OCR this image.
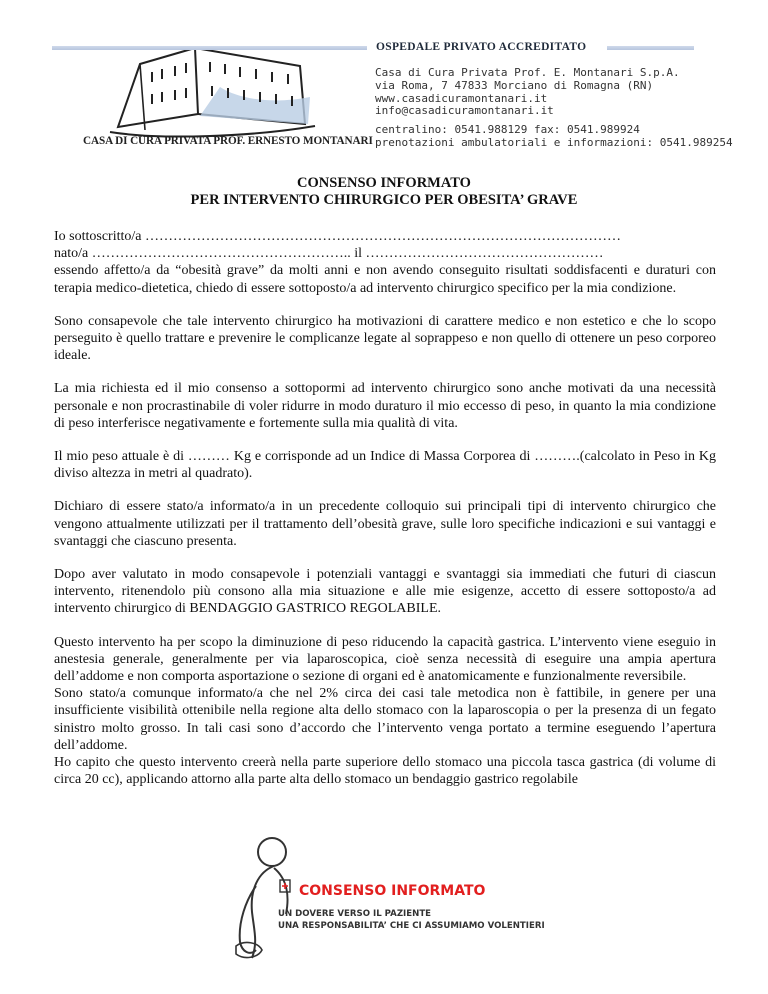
CASA DI CURA PRIVATA PROF. ERNESTO MONTANARI
OSPEDALE PRIVATO ACCREDITATO
Casa di Cura Privata Prof. E. Montanari S.p.A.
via Roma, 7 47833 Morciano di Romagna (RN)
www.casadicuramontanari.it
info@casadicuramontanari.it
centralino: 0541.988129 fax: 0541.989924
prenotazioni ambulatoriali e informazioni: 0541.989254
CONSENSO INFORMATO
PER INTERVENTO CHIRURGICO PER OBESITA’ GRAVE

Io sottoscritto/a …………………………………………………………………………………………
nato/a ……………………………………………….. il ……………………………………………
essendo affetto/a da “obesità grave” da molti anni e non avendo conseguito risultati soddisfacenti e duraturi con terapia medico-dietetica, chiedo di essere sottoposto/a ad intervento chirurgico specifico per la mia condizione.

Sono consapevole che tale intervento chirurgico ha motivazioni di carattere medico e non estetico e che lo scopo perseguito è quello trattare e prevenire le complicanze legate al soprappeso e non quello di ottenere un peso corporeo ideale.

La mia richiesta ed il mio consenso a sottopormi ad intervento chirurgico sono anche motivati da una necessità personale e non procrastinabile di voler ridurre in modo duraturo il mio eccesso di peso, in quanto la mia condizione di peso interferisce negativamente e fortemente sulla mia qualità di vita.

Il mio peso attuale è di ……… Kg e corrisponde ad un Indice di Massa Corporea di ……….(calcolato in Peso in Kg diviso altezza in metri al quadrato).

Dichiaro di essere stato/a informato/a in un precedente colloquio sui principali tipi di intervento chirurgico che vengono attualmente utilizzati per il trattamento dell’obesità grave, sulle loro specifiche indicazioni e sui vantaggi e svantaggi che ciascuno presenta.

Dopo aver valutato in modo consapevole i potenziali vantaggi e svantaggi sia immediati che futuri di ciascun intervento, ritenendolo più consono alla mia situazione e alle mie esigenze, accetto di essere sottoposto/a ad intervento chirurgico di BENDAGGIO GASTRICO REGOLABILE.

Questo intervento ha per scopo la diminuzione di peso riducendo la capacità gastrica. L’intervento viene eseguio in anestesia generale, generalmente per via laparoscopica, cioè senza necessità di eseguire una ampia apertura dell’addome e non comporta asportazione o sezione di organi ed è anatomicamente e funzionalmente reversibile.

Sono stato/a comunque informato/a che nel 2% circa dei casi tale metodica non è fattibile, in genere per una insufficiente visibilità ottenibile nella regione alta dello stomaco con la laparoscopia o per la presenza di un fegato sinistro molto grosso. In tali casi sono d’accordo che l’intervento venga portato a termine eseguendo l’apertura dell’addome.

Ho capito che questo intervento creerà nella parte superiore dello stomaco una piccola tasca gastrica (di volume di circa 20 cc), applicando attorno alla parte alta dello stomaco un bendaggio gastrico regolabile

CONSENSO INFORMATO
UN DOVERE VERSO IL PAZIENTE
UNA RESPONSABILITA’ CHE CI ASSUMIAMO VOLENTIERI
